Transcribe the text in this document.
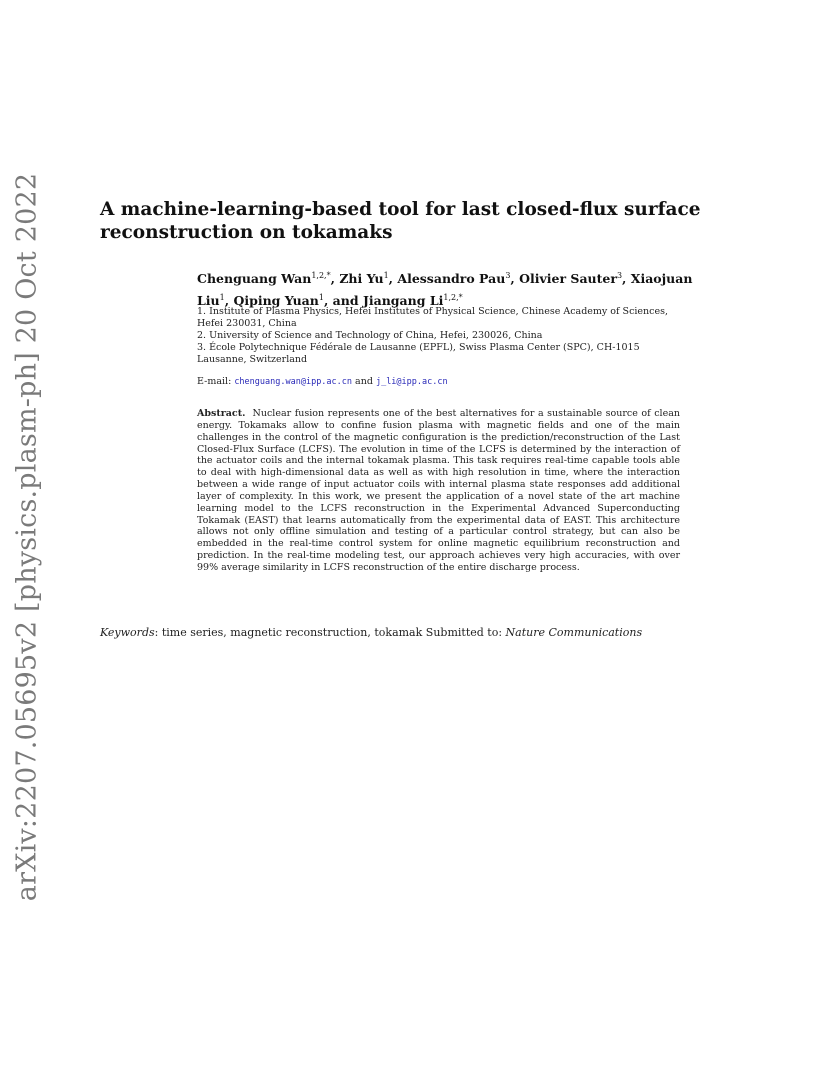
arXiv:2207.05695v2 [physics.plasm-ph] 20 Oct 2022	A machine-learning-based tool for last closed-flux surface reconstruction on tokamaks

Chenguang Wan$^{1,2,*}$, Zhi Yu$^1$, Alessandro Pau$^3$, Olivier Sauter$^3$, Xiaojuan Liu$^1$, Qiping Yuan$^1$, and Jiangang $Li^{1,2,*}$

1. Institute of Plasma Physics, Hefei Institutes of Physical Science, Chinese Academy of Sciences, Hefei 230031, China

2. University of Science and Technology of China, Hefei, 230026, China

3. École Polytechnique Fédérale de Lausanne (EPFL), Swiss Plasma Center (SPC), CH-1015 Lausanne, Switzerland

E-mail: chenguang.wan@ipp.ac.cn and j_li@ipp.ac.cn

Abstract. Nuclear fusion represents one of the best alternatives for a sustainable source of clean energy. Tokamaks allow to confine fusion plasma with magnetic fields and one of the main challenges in the control of the magnetic configuration is the prediction/reconstruction of the Last Closed-Flux Surface (LCFS). The evolution in time of the LCFS is determined by the interaction of the actuator coils and the internal tokamak plasma. This task requires real-time capable tools able to deal with high-dimensional data as well as with high resolution in time, where the interaction between a wide range of input actuator coils with internal plasma state responses add additional layer of complexity. In this work, we present the application of a novel state of the art machine learning model to the LCFS reconstruction in the Experimental Advanced Superconducting Tokamak (EAST) that learns automatically from the experimental data of EAST. This architecture allows not only offline simulation and testing of a particular control strategy, but can also be embedded in the real-time control system for online magnetic equilibrium reconstruction and prediction. In the real-time modeling test, our approach achieves very high accuracies, with over 99% average similarity in LCFS reconstruction of the entire discharge process.

Keywords: time series, magnetic reconstruction, tokamak Submitted to: Nature Communications
